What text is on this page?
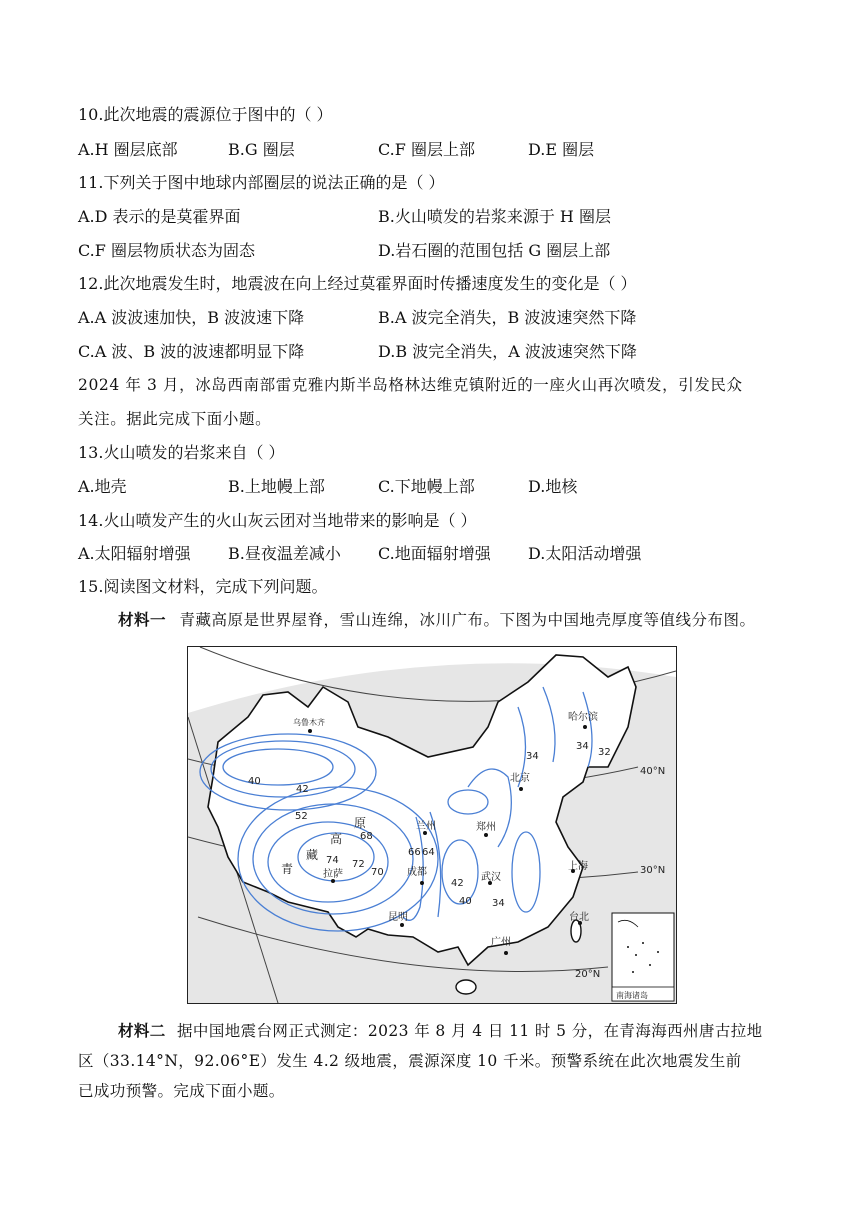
10.此次地震的震源位于图中的（ ）
A.H 圈层底部	B.G 圈层	C.F 圈层上部	D.E 圈层
11.下列关于图中地球内部圈层的说法正确的是（ ）
A.D 表示的是莫霍界面	B.火山喷发的岩浆来源于 H 圈层
C.F 圈层物质状态为固态	D.岩石圈的范围包括 G 圈层上部
12.此次地震发生时，地震波在向上经过莫霍界面时传播速度发生的变化是（ ）
A.A 波波速加快，B 波波速下降	B.A 波完全消失，B 波波速突然下降
C.A 波、B 波的波速都明显下降	D.B 波完全消失，A 波波速突然下降
2024 年 3 月，冰岛西南部雷克雅内斯半岛格林达维克镇附近的一座火山再次喷发，引发民众
关注。据此完成下面小题。
13.火山喷发的岩浆来自（ ）
A.地壳	B.上地幔上部	C.下地幔上部	D.地核
14.火山喷发产生的火山灰云团对当地带来的影响是（ ）
A.太阳辐射增强 B.昼夜温差减小 C.地面辐射增强 D.太阳活动增强
15.阅读图文材料，完成下列问题。
材料一 青藏高原是世界屋脊，雪山连绵，冰川广布。下图为中国地壳厚度等值线分布图。
乌鲁木齐	哈尔滨
北京
兰州	郑州
成都
上海
武汉
拉萨
昆明	台北
广州
原
高
藏
青
34	32
34
40
42
52
68
74 72
70
66 64
42
40 34
40°N
30°N
20°N
南海诸岛
材料二 据中国地震台网正式测定：2023 年 8 月 4 日 11 时 5 分，在青海海西州唐古拉地
区（33.14°N，92.06°E）发生 4.2 级地震，震源深度 10 千米。预警系统在此次地震发生前
已成功预警。完成下面小题。
